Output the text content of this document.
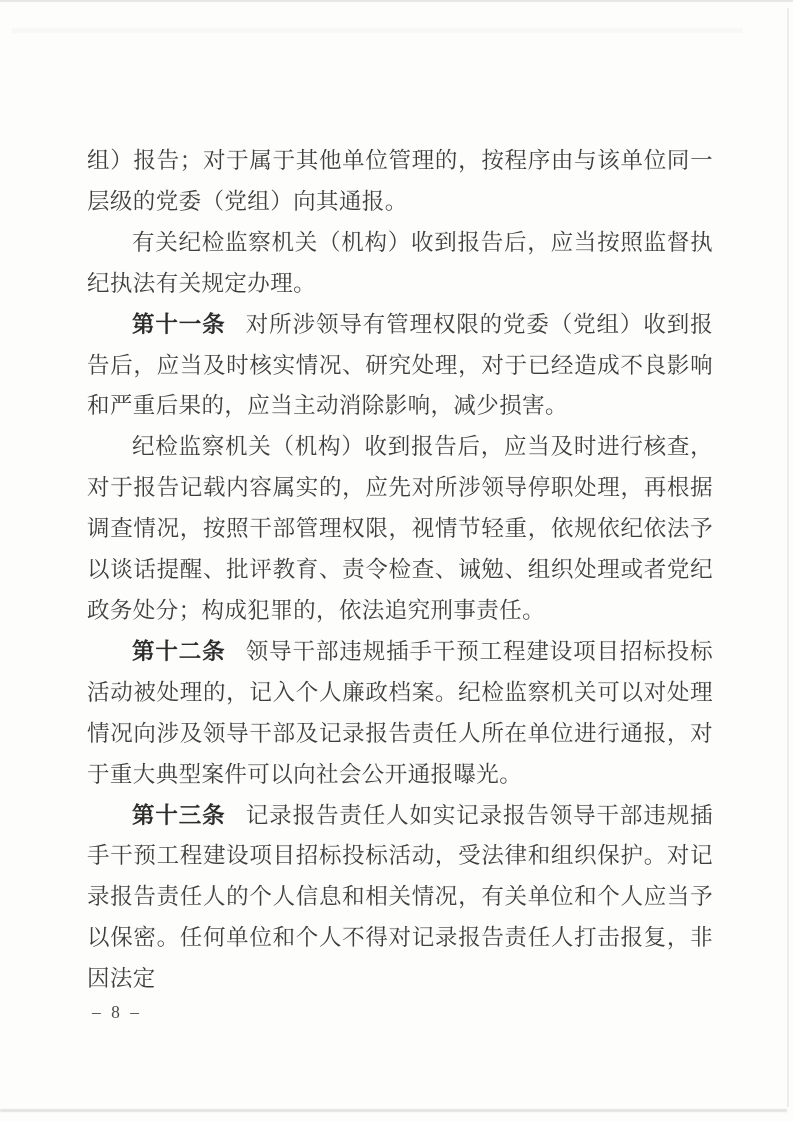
组）报告；对于属于其他单位管理的，按程序由与该单位同一层级的党委（党组）向其通报。

有关纪检监察机关（机构）收到报告后，应当按照监督执纪执法有关规定办理。

第十一条 对所涉领导有管理权限的党委（党组）收到报告后，应当及时核实情况、研究处理，对于已经造成不良影响和严重后果的，应当主动消除影响，减少损害。

纪检监察机关（机构）收到报告后，应当及时进行核查，对于报告记载内容属实的，应先对所涉领导停职处理，再根据调查情况，按照干部管理权限，视情节轻重，依规依纪依法予以谈话提醒、批评教育、责令检查、诫勉、组织处理或者党纪政务处分；构成犯罪的，依法追究刑事责任。

第十二条 领导干部违规插手干预工程建设项目招标投标活动被处理的，记入个人廉政档案。纪检监察机关可以对处理情况向涉及领导干部及记录报告责任人所在单位进行通报，对于重大典型案件可以向社会公开通报曝光。

第十三条 记录报告责任人如实记录报告领导干部违规插手干预工程建设项目招标投标活动，受法律和组织保护。对记录报告责任人的个人信息和相关情况，有关单位和个人应当予以保密。任何单位和个人不得对记录报告责任人打击报复，非因法定

– 8 –
